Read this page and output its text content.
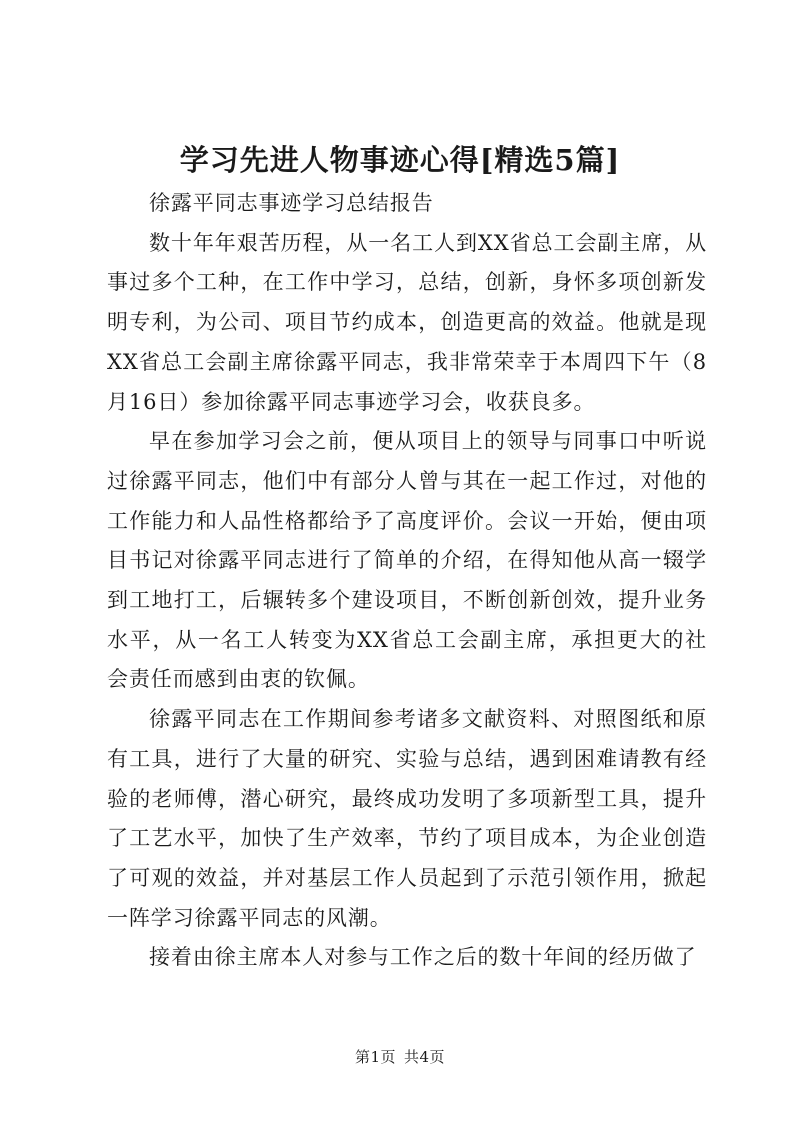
学习先进人物事迹心得[精选5篇]

徐露平同志事迹学习总结报告

数十年年艰苦历程，从一名工人到XX省总工会副主席，从事过多个工种，在工作中学习，总结，创新，身怀多项创新发明专利，为公司、项目节约成本，创造更高的效益。他就是现XX省总工会副主席徐露平同志，我非常荣幸于本周四下午（8月16日）参加徐露平同志事迹学习会，收获良多。

早在参加学习会之前，便从项目上的领导与同事口中听说过徐露平同志，他们中有部分人曾与其在一起工作过，对他的工作能力和人品性格都给予了高度评价。会议一开始，便由项目书记对徐露平同志进行了简单的介绍，在得知他从高一辍学到工地打工，后辗转多个建设项目，不断创新创效，提升业务水平，从一名工人转变为XX省总工会副主席，承担更大的社会责任而感到由衷的钦佩。

徐露平同志在工作期间参考诸多文献资料、对照图纸和原有工具，进行了大量的研究、实验与总结，遇到困难请教有经验的老师傅，潜心研究，最终成功发明了多项新型工具，提升了工艺水平，加快了生产效率，节约了项目成本，为企业创造了可观的效益，并对基层工作人员起到了示范引领作用，掀起一阵学习徐露平同志的风潮。

接着由徐主席本人对参与工作之后的数十年间的经历做了

第1页 共4页
